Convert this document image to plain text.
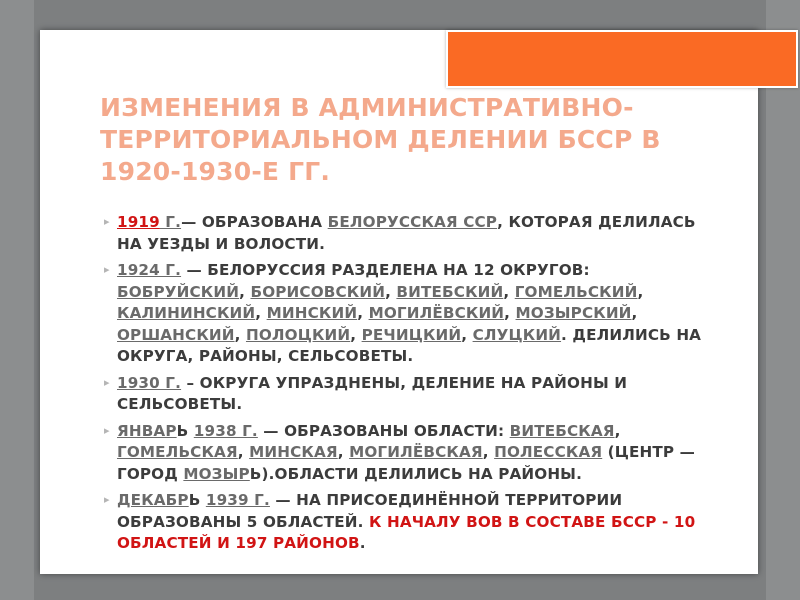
ИЗМЕНЕНИЯ В АДМИНИСТРАТИВНО-ТЕРРИТОРИАЛЬНОМ ДЕЛЕНИИ БССР В 1920-1930-Е ГГ.
▸ 1919 Г.— ОБРАЗОВАНА БЕЛОРУССКАЯ ССР, КОТОРАЯ ДЕЛИЛАСЬ НА УЕЗДЫ И ВОЛОСТИ.
▸ 1924 Г. — БЕЛОРУССИЯ РАЗДЕЛЕНА НА 12 ОКРУГОВ: БОБРУЙСКИЙ, БОРИСОВСКИЙ, ВИТЕБСКИЙ, ГОМЕЛЬСКИЙ, КАЛИНИНСКИЙ, МИНСКИЙ, МОГИЛЁВСКИЙ, МОЗЫРСКИЙ, ОРШАНСКИЙ, ПОЛОЦКИЙ, РЕЧИЦКИЙ, СЛУЦКИЙ. ДЕЛИЛИСЬ НА ОКРУГА, РАЙОНЫ, СЕЛЬСОВЕТЫ.
▸ 1930 Г. – ОКРУГА УПРАЗДНЕНЫ, ДЕЛЕНИЕ НА РАЙОНЫ И СЕЛЬСОВЕТЫ.
▸ ЯНВАРЬ 1938 Г. — ОБРАЗОВАНЫ ОБЛАСТИ: ВИТЕБСКАЯ, ГОМЕЛЬСКАЯ, МИНСКАЯ, МОГИЛЁВСКАЯ, ПОЛЕССКАЯ (ЦЕНТР — ГОРОД МОЗЫРЬ).ОБЛАСТИ ДЕЛИЛИСЬ НА РАЙОНЫ.
▸ ДЕКАБРЬ 1939 Г. — НА ПРИСОЕДИНЁННОЙ ТЕРРИТОРИИ ОБРАЗОВАНЫ 5 ОБЛАСТЕЙ. К НАЧАЛУ ВОВ В СОСТАВЕ БССР - 10 ОБЛАСТЕЙ И 197 РАЙОНОВ.
